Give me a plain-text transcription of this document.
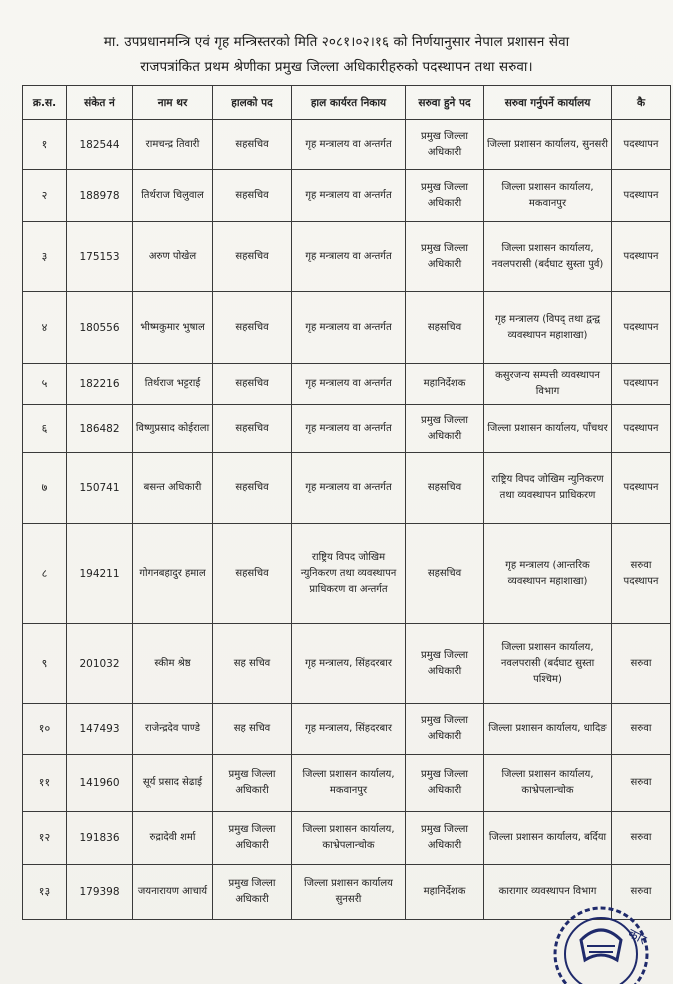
मा. उपप्रधानमन्त्रि एवं गृह मन्त्रिस्तरको मिति २०८१।०२।१६ को निर्णयानुसार नेपाल प्रशासन सेवा
राजपत्रांकित प्रथम श्रेणीका प्रमुख जिल्ला अधिकारीहरुको पदस्थापन तथा सरुवा।
क्र.स.	संकेत नं	नाम थर	हालको पद	हाल कार्यरत निकाय	सरुवा हुने पद	सरुवा गर्नुपर्ने कार्यालय	कै
१	182544	रामचन्द्र तिवारी	सहसचिव	गृह मन्त्रालय वा अन्तर्गत	प्रमुख जिल्ला अधिकारी	जिल्ला प्रशासन कार्यालय, सुनसरी	पदस्थापन
२	188978	तिर्थराज चिलुवाल	सहसचिव	गृह मन्त्रालय वा अन्तर्गत	प्रमुख जिल्ला अधिकारी	जिल्ला प्रशासन कार्यालय, मकवानपुर	पदस्थापन
३	175153	अरुण पोखेल	सहसचिव	गृह मन्त्रालय वा अन्तर्गत	प्रमुख जिल्ला अधिकारी	जिल्ला प्रशासन कार्यालय, नवलपरासी (बर्दघाट सुस्ता पुर्व)	पदस्थापन
४	180556	भीष्मकुमार भुषाल	सहसचिव	गृह मन्त्रालय वा अन्तर्गत	सहसचिव	गृह मन्त्रालय (विपद् तथा द्वन्द्व व्यवस्थापन महाशाखा)	पदस्थापन
५	182216	तिर्थराज भट्टराई	सहसचिव	गृह मन्त्रालय वा अन्तर्गत	महानिर्देशक	कसुरजन्य सम्पत्ती व्यवस्थापन विभाग	पदस्थापन
६	186482	विष्णुप्रसाद कोईराला	सहसचिव	गृह मन्त्रालय वा अन्तर्गत	प्रमुख जिल्ला अधिकारी	जिल्ला प्रशासन कार्यालय, पाँचथर	पदस्थापन
७	150741	बसन्त अधिकारी	सहसचिव	गृह मन्त्रालय वा अन्तर्गत	सहसचिव	राष्ट्रिय विपद जोखिम न्युनिकरण तथा व्यवस्थापन प्राधिकरण	पदस्थापन
८	194211	गोगनबहादुर हमाल	सहसचिव	राष्ट्रिय विपद जोखिम न्युनिकरण तथा व्यवस्थापन प्राधिकरण वा अन्तर्गत	सहसचिव	गृह मन्त्रालय (आन्तरिक व्यवस्थापन महाशाखा)	सरुवा पदस्थापन
९	201032	स्कीम श्रेष्ठ	सह सचिव	गृह मन्त्रालय, सिंहदरबार	प्रमुख जिल्ला अधिकारी	जिल्ला प्रशासन कार्यालय, नवलपरासी (बर्दघाट सुस्ता पश्चिम)	सरुवा
१०	147493	राजेन्द्रदेव पाण्डे	सह सचिव	गृह मन्त्रालय, सिंहदरबार	प्रमुख जिल्ला अधिकारी	जिल्ला प्रशासन कार्यालय, धादिङ	सरुवा
११	141960	सूर्य प्रसाद सेढाई	प्रमुख जिल्ला अधिकारी	जिल्ला प्रशासन कार्यालय, मकवानपुर	प्रमुख जिल्ला अधिकारी	जिल्ला प्रशासन कार्यालय, काभ्रेपलान्चोक	सरुवा
१२	191836	रुद्रादेवी शर्मा	प्रमुख जिल्ला अधिकारी	जिल्ला प्रशासन कार्यालय, काभ्रेपलान्चोक	प्रमुख जिल्ला अधिकारी	जिल्ला प्रशासन कार्यालय, बर्दिया	सरुवा
१३	179398	जयनारायण आचार्य	प्रमुख जिल्ला अधिकारी	जिल्ला प्रशासन कार्यालय सुनसरी	महानिर्देशक	कारागार व्यवस्थापन विभाग	सरुवा
कार
